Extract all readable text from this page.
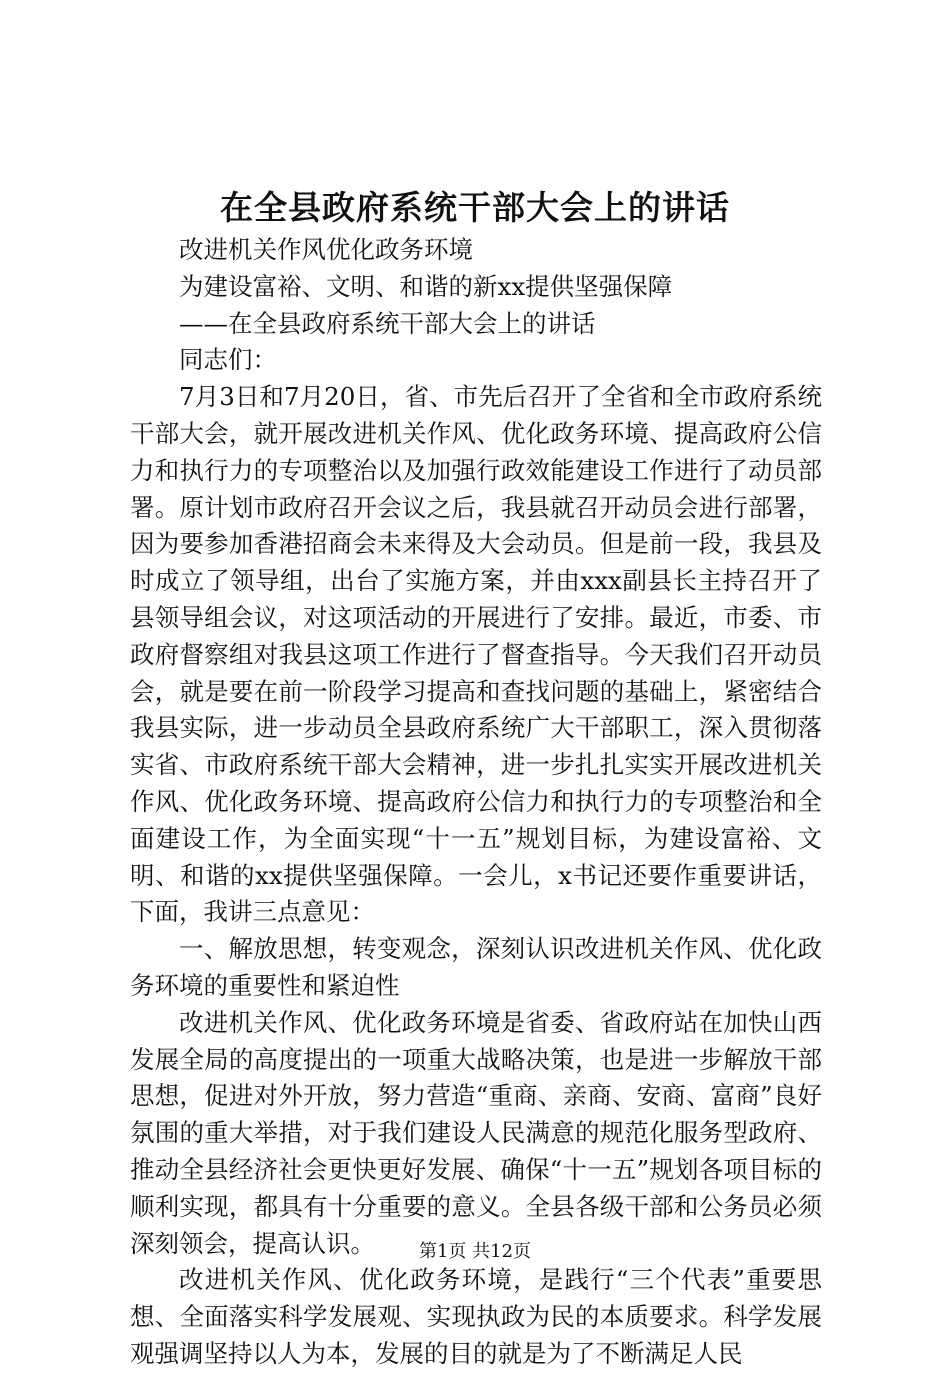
在全县政府系统干部大会上的讲话

改进机关作风优化政务环境

为建设富裕、文明、和谐的新xx提供坚强保障

——在全县政府系统干部大会上的讲话

同志们：

7月3日和7月20日，省、市先后召开了全省和全市政府系统干部大会，就开展改进机关作风、优化政务环境、提高政府公信力和执行力的专项整治以及加强行政效能建设工作进行了动员部署。原计划市政府召开会议之后，我县就召开动员会进行部署，因为要参加香港招商会未来得及大会动员。但是前一段，我县及时成立了领导组，出台了实施方案，并由xxx副县长主持召开了县领导组会议，对这项活动的开展进行了安排。最近，市委、市政府督察组对我县这项工作进行了督查指导。今天我们召开动员会，就是要在前一阶段学习提高和查找问题的基础上，紧密结合我县实际，进一步动员全县政府系统广大干部职工，深入贯彻落实省、市政府系统干部大会精神，进一步扎扎实实开展改进机关作风、优化政务环境、提高政府公信力和执行力的专项整治和全面建设工作，为全面实现“十一五”规划目标，为建设富裕、文明、和谐的xx提供坚强保障。一会儿，x书记还要作重要讲话，下面，我讲三点意见：

一、解放思想，转变观念，深刻认识改进机关作风、优化政务环境的重要性和紧迫性

改进机关作风、优化政务环境是省委、省政府站在加快山西发展全局的高度提出的一项重大战略决策，也是进一步解放干部思想，促进对外开放，努力营造“重商、亲商、安商、富商”良好氛围的重大举措，对于我们建设人民满意的规范化服务型政府、推动全县经济社会更快更好发展、确保“十一五”规划各项目标的顺利实现，都具有十分重要的意义。全县各级干部和公务员必须深刻领会，提高认识。

改进机关作风、优化政务环境，是践行“三个代表”重要思想、全面落实科学发展观、实现执政为民的本质要求。科学发展观强调坚持以人为本，发展的目的就是为了不断满足人民

第1页 共12页
